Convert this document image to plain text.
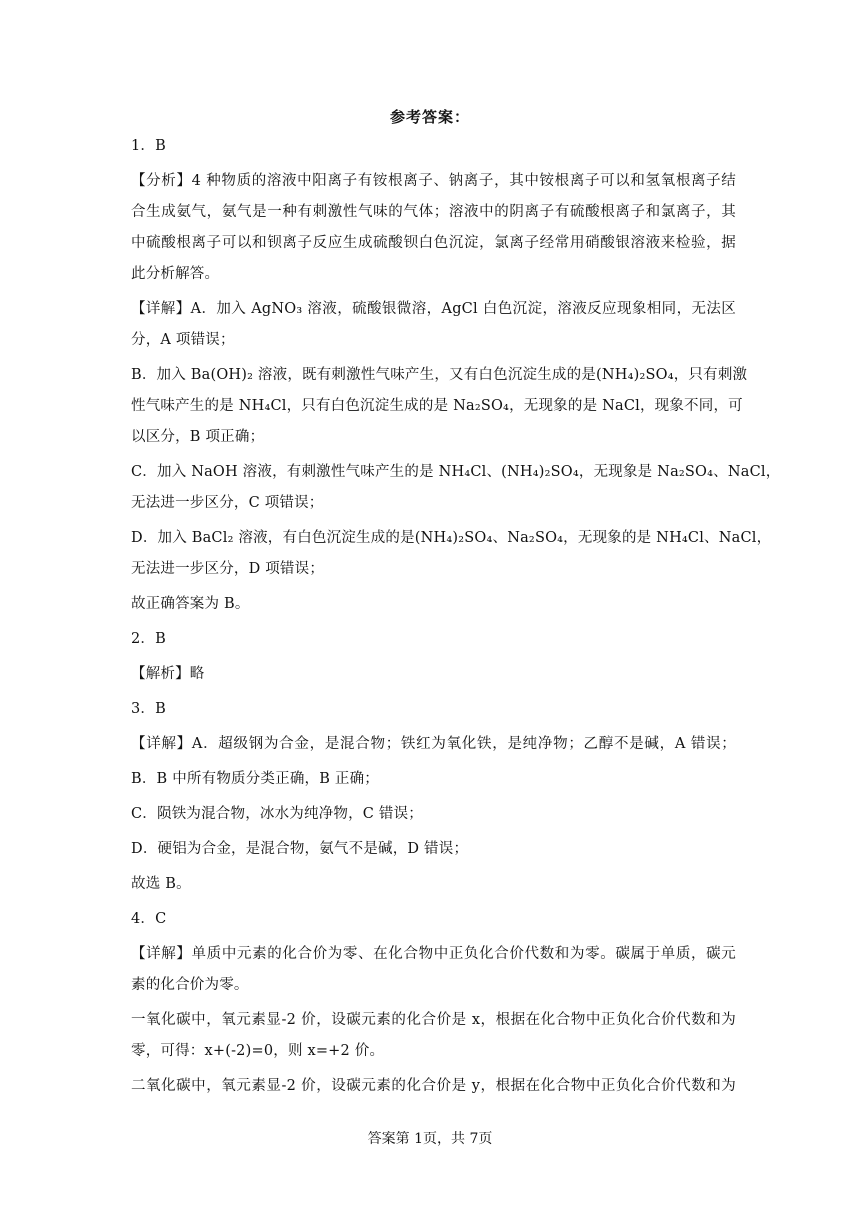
参考答案：
1．B
【分析】4 种物质的溶液中阳离子有铵根离子、钠离子，其中铵根离子可以和氢氧根离子结
合生成氨气，氨气是一种有刺激性气味的气体；溶液中的阴离子有硫酸根离子和氯离子，其
中硫酸根离子可以和钡离子反应生成硫酸钡白色沉淀，氯离子经常用硝酸银溶液来检验，据
此分析解答。
【详解】A．加入 AgNO₃ 溶液，硫酸银微溶，AgCl 白色沉淀，溶液反应现象相同，无法区
分，A 项错误；
B．加入 Ba(OH)₂ 溶液，既有刺激性气味产生，又有白色沉淀生成的是(NH₄)₂SO₄，只有刺激
性气味产生的是 NH₄Cl，只有白色沉淀生成的是 Na₂SO₄，无现象的是 NaCl，现象不同，可
以区分，B 项正确；
C．加入 NaOH 溶液，有刺激性气味产生的是 NH₄Cl、(NH₄)₂SO₄，无现象是 Na₂SO₄、NaCl，
无法进一步区分，C 项错误；
D．加入 BaCl₂ 溶液，有白色沉淀生成的是(NH₄)₂SO₄、Na₂SO₄，无现象的是 NH₄Cl、NaCl，
无法进一步区分，D 项错误；
故正确答案为 B。
2．B
【解析】略
3．B
【详解】A．超级钢为合金，是混合物；铁红为氧化铁，是纯净物；乙醇不是碱，A 错误；
B．B 中所有物质分类正确，B 正确；
C．陨铁为混合物，冰水为纯净物，C 错误；
D．硬铝为合金，是混合物，氨气不是碱，D 错误；
故选 B。
4．C
【详解】单质中元素的化合价为零、在化合物中正负化合价代数和为零。碳属于单质，碳元
素的化合价为零。
一氧化碳中，氧元素显-2 价，设碳元素的化合价是 x，根据在化合物中正负化合价代数和为
零，可得：x+(-2)=0，则 x=+2 价。
二氧化碳中，氧元素显-2 价，设碳元素的化合价是 y，根据在化合物中正负化合价代数和为
答案第 1页，共 7页
